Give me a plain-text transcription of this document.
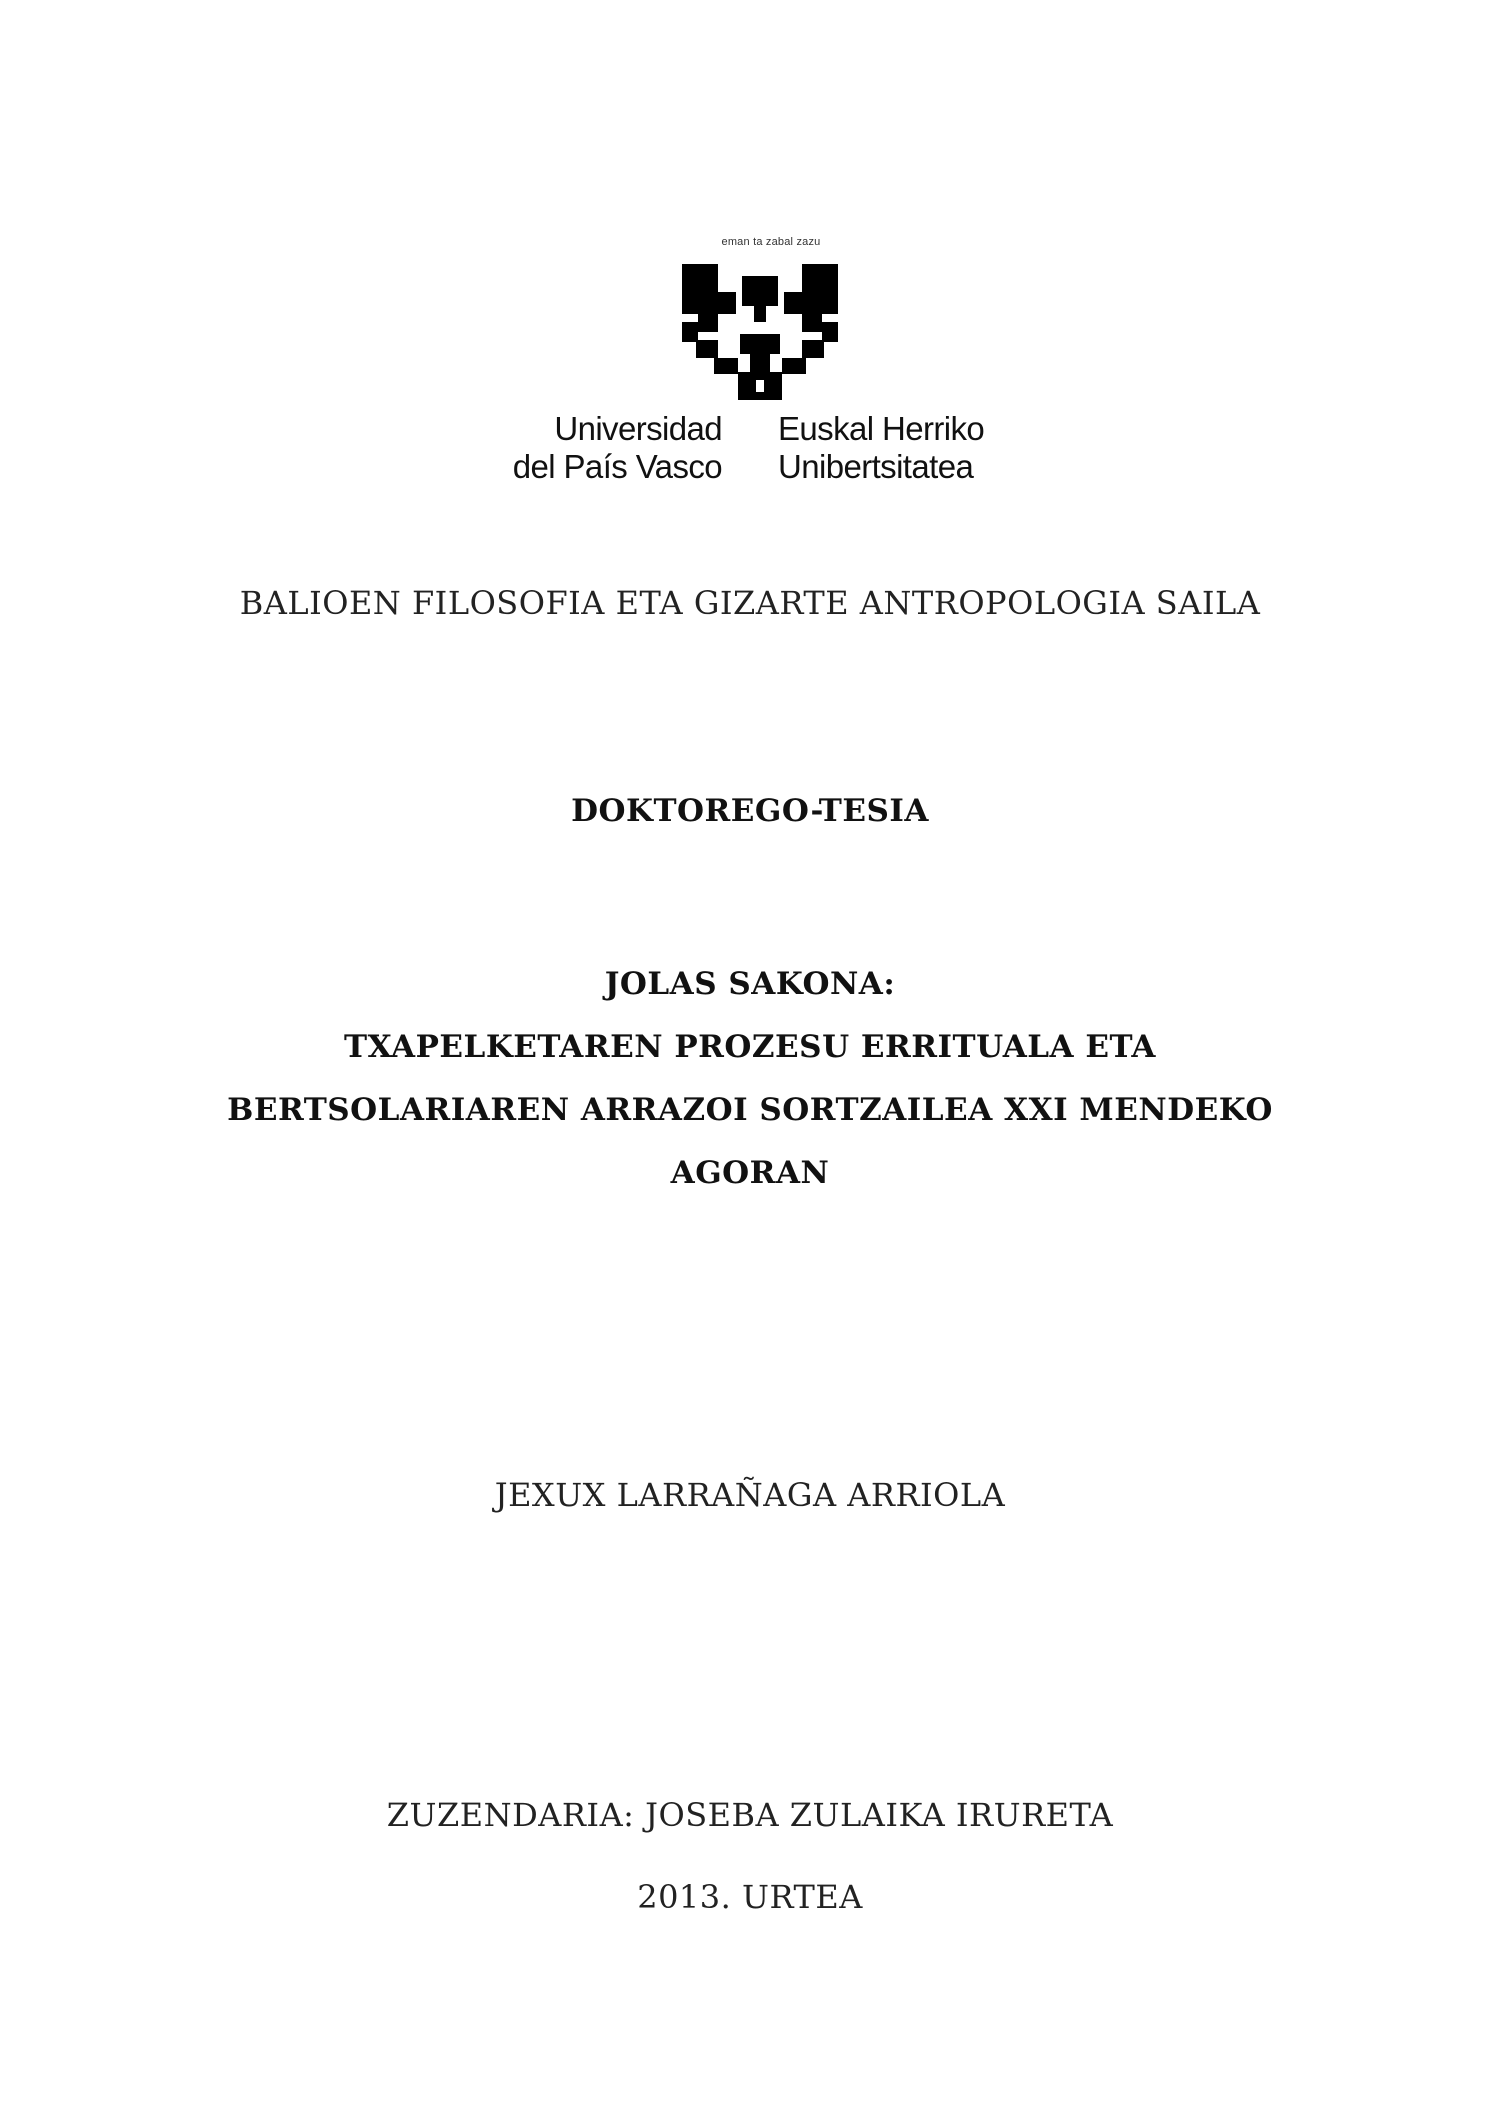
eman ta zabal zazu
Universidad
del País Vasco
Euskal Herriko
Unibertsitatea
BALIOEN FILOSOFIA ETA GIZARTE ANTROPOLOGIA SAILA
DOKTOREGO-TESIA
JOLAS SAKONA:
TXAPELKETAREN PROZESU ERRITUALA ETA
BERTSOLARIAREN ARRAZOI SORTZAILEA XXI MENDEKO
AGORAN
JEXUX LARRAÑAGA ARRIOLA
ZUZENDARIA: JOSEBA ZULAIKA IRURETA
2013. URTEA
